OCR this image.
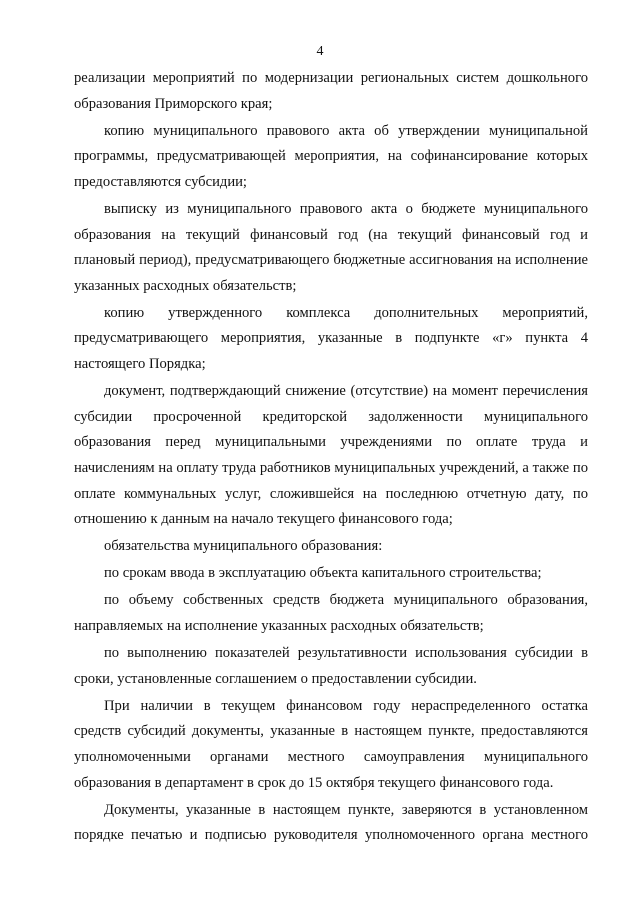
4

реализации мероприятий по модернизации региональных систем дошкольного образования Приморского края;

копию муниципального правового акта об утверждении муниципальной программы, предусматривающей мероприятия, на софинансирование которых предоставляются субсидии;

выписку из муниципального правового акта о бюджете муниципального образования на текущий финансовый год (на текущий финансовый год и плановый период), предусматривающего бюджетные ассигнования на исполнение указанных расходных обязательств;

копию утвержденного комплекса дополнительных мероприятий, предусматривающего мероприятия, указанные в подпункте «г» пункта 4 настоящего Порядка;

документ, подтверждающий снижение (отсутствие) на момент перечисления субсидии просроченной кредиторской задолженности муниципального образования перед муниципальными учреждениями по оплате труда и начислениям на оплату труда работников муниципальных учреждений, а также по оплате коммунальных услуг, сложившейся на последнюю отчетную дату, по отношению к данным на начало текущего финансового года;

обязательства муниципального образования:

по срокам ввода в эксплуатацию объекта капитального строительства;

по объему собственных средств бюджета муниципального образования, направляемых на исполнение указанных расходных обязательств;

по выполнению показателей результативности использования субсидии в сроки, установленные соглашением о предоставлении субсидии.

При наличии в текущем финансовом году нераспределенного остатка средств субсидий документы, указанные в настоящем пункте, предоставляются уполномоченными органами местного самоуправления муниципального образования в департамент в срок до 15 октября текущего финансового года.

Документы, указанные в настоящем пункте, заверяются в установленном порядке печатью и подписью руководителя уполномоченного органа местного
